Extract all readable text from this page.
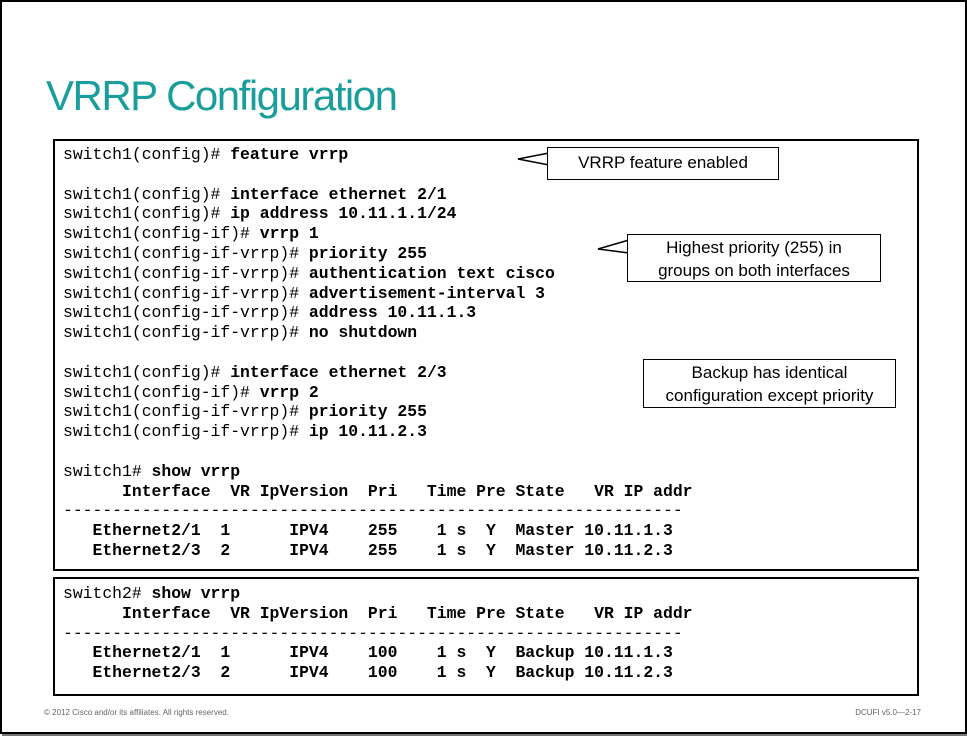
VRRP Configuration
switch1(config)# feature vrrp
switch1(config)# interface ethernet 2/1
switch1(config)# ip address 10.11.1.1/24
switch1(config-if)# vrrp 1
switch1(config-if-vrrp)# priority 255
switch1(config-if-vrrp)# authentication text cisco
switch1(config-if-vrrp)# advertisement-interval 3
switch1(config-if-vrrp)# address 10.11.1.3
switch1(config-if-vrrp)# no shutdown
switch1(config)# interface ethernet 2/3
switch1(config-if)# vrrp 2
switch1(config-if-vrrp)# priority 255
switch1(config-if-vrrp)# ip 10.11.2.3
switch1# show vrrp
Interface  VR IpVersion  Pri   Time Pre State   VR IP addr
---------------------------------------------------------------
Ethernet2/1  1      IPV4    255    1 s  Y  Master 10.11.1.3
Ethernet2/3  2      IPV4    255    1 s  Y  Master 10.11.2.3
switch2# show vrrp
Interface  VR IpVersion  Pri   Time Pre State   VR IP addr
---------------------------------------------------------------
Ethernet2/1  1      IPV4    100    1 s  Y  Backup 10.11.1.3
Ethernet2/3  2      IPV4    100    1 s  Y  Backup 10.11.2.3
VRRP feature enabled
Highest priority (255) in
groups on both interfaces
Backup has identical
configuration except priority
© 2012 Cisco and/or its affiliates. All rights reserved.	DCUFI v5.0—2-17
